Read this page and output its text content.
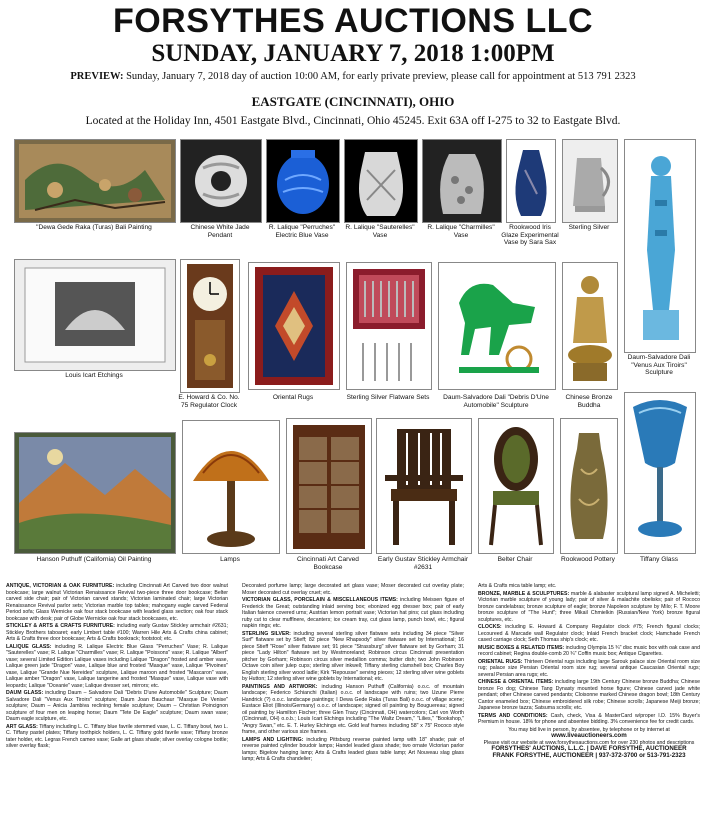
FORSYTHES AUCTIONS LLC
SUNDAY, JANUARY 7, 2018 1:00PM
PREVIEW: Sunday, January 7, 2018 day of auction 10:00 AM, for early private preview, please call for appointment at 513 791 2323
EASTGATE (CINCINNATI), OHIO
Located at the Holiday Inn, 4501 Eastgate Blvd., Cincinnati, Ohio 45245. Exit 63A off I-275 to 32 to Eastgate Blvd.
"Dewa Gede Raka (Turas) Bali Painting	Chinese White Jade Pendant
R. Lalique "Perruches" Electric Blue Vase
R. Lalique "Sauterelles" Vase
R. Lalique "Charmilles" Vase
Rookwood Iris Glaze Experimental Vase by Sara Sax
Sterling Silver
Daum-Salvadore Dali "Venus Aux Tiroirs" Sculpture
Louis Icart Etchings
E. Howard & Co. No. 75 Regulator Clock
Oriental Rugs	Sterling Silver Flatware Sets	Daum-Salvadore Dali "Debris D'Une Automobile" Sculpture
Chinese Bronze Buddha
Hanson Puthuff (California) Oil Painting	Lamps	Cincinnati Art Carved Bookcase
Early Gustav Stickley Armchair #2631
Belter Chair	Rookwood Pottery	Tiffany Glass

ANTIQUE, VICTORIAN & OAK FURNITURE: including Cincinnati Art Carved two door walnut bookcase; large walnut Victorian Renaissance Revival two-piece three door bookcase; Belter carved side chair; pair of Victorian carved stands; Victorian laminated chair; large Victorian Renaissance Revival parlor sets; Victorian marble top tables; mahogany eagle carved Federal Period sofa; Glass Wernicke oak four stack bookcase with leaded glass section; oak four stack bookcase with desk; pair of Globe Wernicke oak four stack bookcases, etc.

STICKLEY & ARTS & CRAFTS FURNITURE: including early Gustav Stickley armchair #2631; Stickley Brothers taboaret; early Limbert table #100; Warren Hile Arts & Crafts china cabinet; Arts & Crafts three door bookcase; Arts & Crafts bookrack; footstool; etc.

LALIQUE GLASS: including R. Lalique Electric Blue Glass "Perruches" Vase; R. Lalique "Sauterelles" vase; R. Lalique "Charmilles" vase; R. Lalique "Poissons" vase; R. Lalique "Albert" vase; several Limited Edition Lalique vases including Lalique "Dragon" frosted and amber vase, Lalique green jade "Dragon" vase, Lalique blue and frosted "Masque" vase, Lalique "Pivoines" vase, Lalique "Grande Nue Nereides" sculpture, Lalique maroon and frosted "Mascaron" vase, Lalique amber "Dragon" vase, Lalique tangerine and frosted "Masque" vase, Lalique vase with leopards; Lalique "Oceanie" vase; Lalique dresser set, mirrors; etc.

DAUM GLASS: including Daum – Salvadore Dali "Debris D'une Automobile" Sculpture; Daum Salvadore Dali "Venus Aux Tiroirs" sculpture; Daum Joan Bauchaur "Masque De Venise" sculpture; Daum – Anicia Jambiva reclining female sculpture; Daum – Christian Poincignon sculpture of four men on leaping horse; Daum "Tete De Eagle" sculpture; Daum swan vase; Daum eagle sculpture, etc.

ART GLASS: Tiffany including L. C. Tiffany blue favrile stemmed vase, L. C. Tiffany bowl, two L. C. Tiffany pastel plates; Tiffany toothpick holders, L. C. Tiffany gold favrile vase; Tiffany bronze tater holder, etc. Legras French cameo vase; Galle art glass shade; silver overlay cologne bottle; silver overlay flask;

Decorated porfume lamp; large decorated art glass vase; Moser decorated cut overlay plate; Moser decorated cut overlay cruet; etc.

VICTORIAN GLASS, PORCELAIN & MISCELLANEOUS ITEMS: including Meissen figure of Frederick the Great; outstanding inlaid serving box; ebonized egg dresser box; pair of early Italian faience covered urns; Austrian lemon portrait vase; Victorian hat pins; cut glass including ruby cut to clear mufflnere, decanters; ice cream tray, cut glass lamp, punch bowl, etc.; figural napkin rings; etc.

STERLING SILVER: including several sterling silver flatware sets including 34 piece "Silver Surf" flatware set by Stieff; 82 piece "New Rhapsody" silver flatware set by International; 16 piece Stieff "Rose" silver flatware set; 91 piece "Strassburg" silver flatware set by Gorham; 31 piece "Lady Hilton" flatware set by Westmoreland; Robinson circus Cincinnati presentation pitcher by Gorham; Robinson circus silver medallion comma; butter dish; two John Robinson Octave coin silver julep cups; sterling silver inkwell; Tiffany sterling clamshell box; Charles Boy English sterling silver wood ladle; Kirk "Repousse" serving pieces; 12 sterling silver wine goblets by Hutton; 12 sterling silver wine goblets by International; etc.

PAINTINGS AND ARTWORK: including Hanson Puthuff (California) o.o.c. of mountain landscape; Federico Schianchi (Italian) o.o.c. of landscape with ruins; two Uzune Pierre Handrick (?) o.o.c. landscape paintings; I Dewa Gede Raka (Turas Bali) o.o.c. of village scene; Eustace Eliot (Illinois/Germany) o.o.c. of landscape; signed oil painting by Bouguereau; signed oil painting by Hamilton Fischer; three Glen Tracy (Cincinnati, OH) watercolors; Carl von Worth (Cincinnati, OH) o.o.b.; Louis Icart Etchings including "The Waltz Dream," "Lilies," "Bookshop," "Angry Swan," etc. E. T. Hurley Etchings etc. Gold leaf frames including 58" x 75" Rococo style frame, and other various size frames.

LAMPS AND LIGHTING: including Pittsburg reverse painted lamp with 18" shade; pair of reverse painted cylinder boudoir lamps; Handel leaded glass shade; two ornate Victorian parlor lamps; Bigelow hanging lamp; Arts & Crafts leaded glass table lamp; Art Nouveau slag glass lamp; Arts & Crafts chandelier;

Arts & Crafts mica table lamp; etc.

BRONZE, MARBLE & SCULPTURES: marble & alabaster sculptural lamp signed A. Micheletti; Victorian marble sculpture of young lady; pair of silver & malachite obelisks; pair of Rococo bronze candelabras; bronze sculpture of eagle; bronze Napoleon sculpture by Milo; F. T. Moore bronze sculpture of "The Hunt"; three Mikail Chmielkin (Russian/New York) bronze figural sculptures, etc.

CLOCKS: including E. Howard & Company Regulator clock #75; French figural clocks; Lecoureed & Marcade wall Regulator clock; Inlaid French bracket clock; Hamchade French cased carriage clock; Seth Thomas ship's clock; etc.

MUSIC BOXES & RELATED ITEMS: including Olympia 15 ¾" disc music box with oak case and record cabinet; Regina double-comb 20 ¾" Coffin music box; Antique Cigarettes.

ORIENTAL RUGS: Thirteen Oriental rugs including large Sarouk palace size Oriental room size rug; palace size Persian Oriental room size rug; several antique Caucasian Oriental rugs; several Persian area rugs; etc.

CHINESE & ORIENTAL ITEMS: including large 19th Century Chinese bronze Buddha; Chinese bronze Fo dog; Chinese Tang Dynasty mounted horse figure; Chinese carved jade white pendant; other Chinese carved pendants; Cloisonne marked Chinese dragon bowl; 18th Century Cantor enameled box; Chinese embroidered silk robe; Chinese scrolls; Japanese Meiji bronze; Japanese bronze tazza; Satsuma scrolls; etc.

TERMS AND CONDITIONS: Cash, check, Visa & MasterCard w/proper I.D. 15% Buyer's Premium in house. 18% for phone and absentee bidding. 3% convenience fee for credit cards.

You may bid live in person, by absentee, by telephone or by internet at
www.liveauctioneers.com
Please visit our website at www.forsythesauctions.com for over 230 photos and descriptions
FORSYTHES' AUCTIONS, L.L.C. | DAVE FORSYTHE, AUCTIONEER
FRANK FORSYTHE, AUCTIONEER | 937-372-3700 or 513-791-2323
